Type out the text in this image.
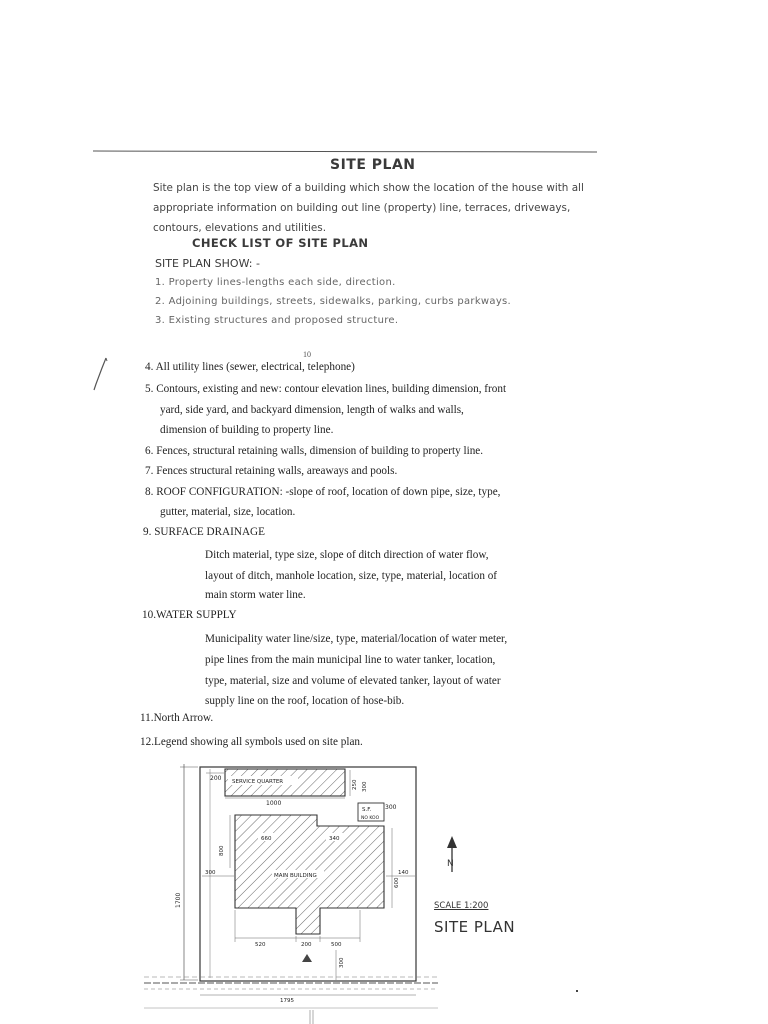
SITE PLAN
Site plan is the top view of a building which show the location of the house with all appropriate information on building out line (property) line, terraces, driveways, contours, elevations and utilities.
CHECK LIST OF SITE PLAN
SITE PLAN SHOW: -
1. Property lines-lengths each side, direction.
2. Adjoining buildings, streets, sidewalks, parking, curbs parkways.
3. Existing structures and proposed structure.
10
4. All utility lines (sewer, electrical, telephone)
5. Contours, existing and new: contour elevation lines, building dimension, front
yard, side yard, and backyard dimension, length of walks and walls,
dimension of building to property line.
6. Fences, structural retaining walls, dimension of building to property line.
7. Fences structural retaining walls, areaways and pools.
8. ROOF CONFIGURATION: -slope of roof, location of down pipe, size, type,
gutter, material, size, location.
9. SURFACE DRAINAGE
Ditch material, type size, slope of ditch direction of water flow,
layout of ditch, manhole location, size, type, material, location of
main storm water line.
10.WATER SUPPLY
Municipality water line/size, type, material/location of water meter,
pipe lines from the main municipal line to water tanker, location,
type, material, size and volume of elevated tanker, layout of water
supply line on the roof, location of hose-bib.
11.North Arrow.
12.Legend showing all symbols used on site plan.
SERVICE QUARTER
200
1000
250 300
S.F.
NO KOO
300
660	340
MAIN BUILDING
800
300	140
600
1700
520	200	500
300
1795
N
SCALE 1:200
SITE PLAN
